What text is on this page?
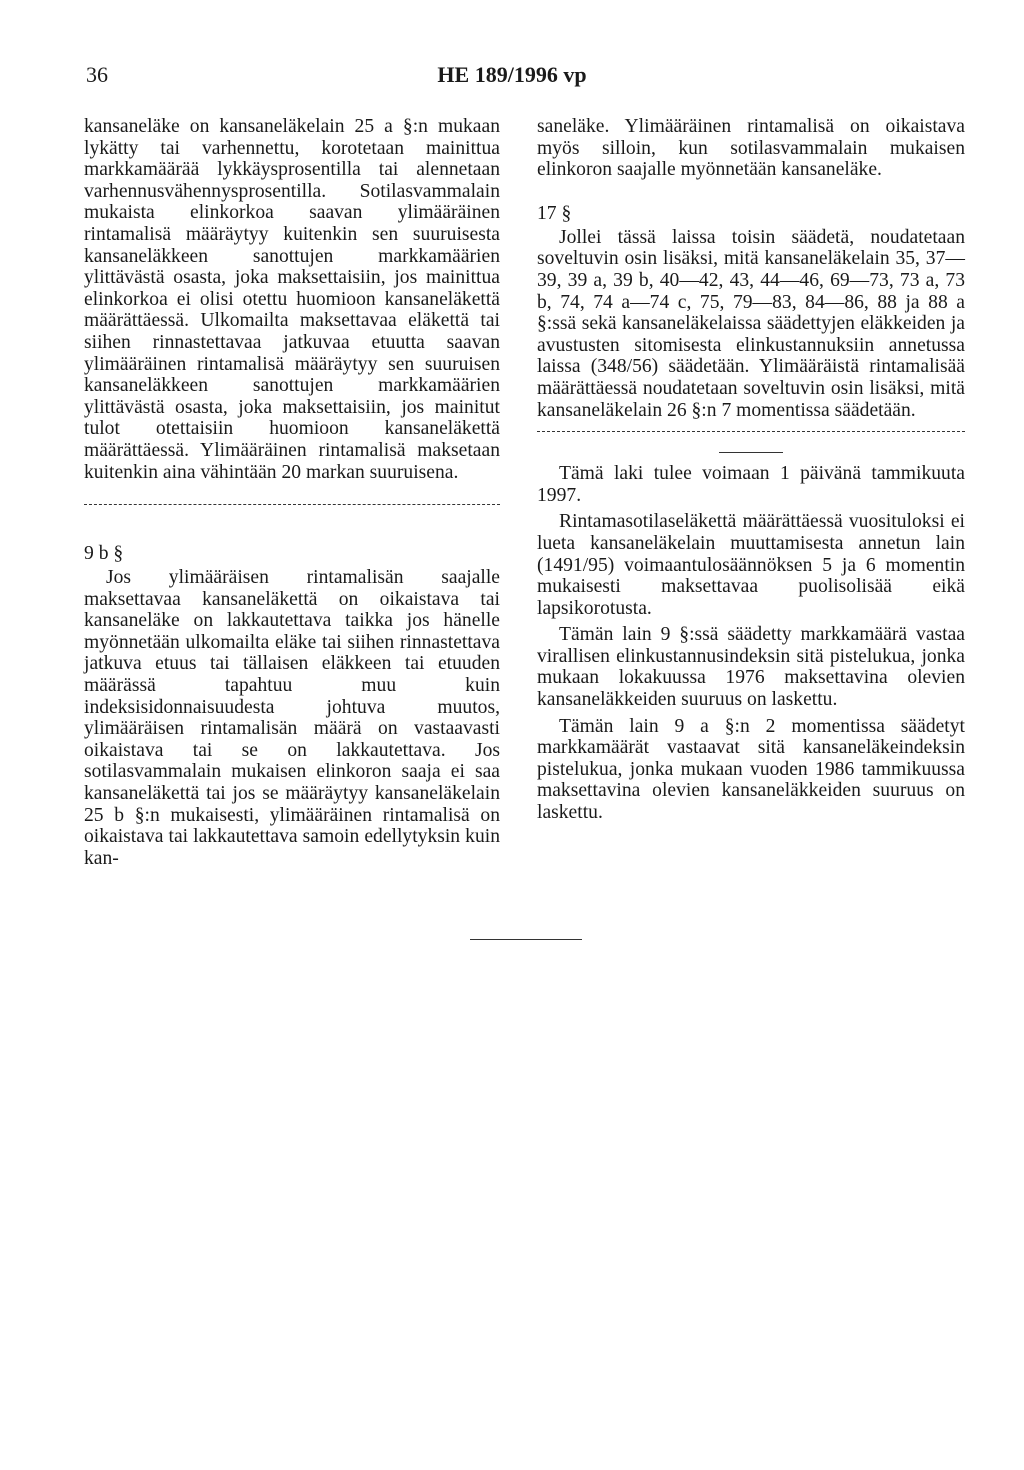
36	HE 189/1996 vp

kansaneläke on kansaneläkelain 25 a §:n mukaan lykätty tai varhennettu, korotetaan mainittua markkamäärää lykkäysprosentilla tai alennetaan varhennusvähennysprosentilla. Sotilasvammalain mukaista elinkorkoa saavan ylimääräinen rintamalisä määräytyy kuitenkin sen suuruisesta kansaneläkkeen sanottujen markkamäärien ylittävästä osasta, joka maksettaisiin, jos mainittua elinkorkoa ei olisi otettu huomioon kansaneläkettä määrättäessä. Ulkomailta maksettavaa eläkettä tai siihen rinnastettavaa jatkuvaa etuutta saavan ylimääräinen rintamalisä määräytyy sen suuruisen kansaneläkkeen sanottujen markkamäärien ylittävästä osasta, joka maksettaisiin, jos mainitut tulot otettaisiin huomioon kansaneläkettä määrättäessä. Ylimääräinen rintamalisä maksetaan kuitenkin aina vähintään 20 markan suuruisena.

9 b §

Jos ylimääräisen rintamalisän saajalle maksettavaa kansaneläkettä on oikaistava tai kansaneläke on lakkautettava taikka jos hänelle myönnetään ulkomailta eläke tai siihen rinnastettava jatkuva etuus tai tällaisen eläkkeen tai etuuden määrässä tapahtuu muu kuin indeksisidonnaisuudesta johtuva muutos, ylimääräisen rintamalisän määrä on vastaavasti oikaistava tai se on lakkautettava. Jos sotilasvammalain mukaisen elinkoron saaja ei saa kansaneläkettä tai jos se määräytyy kansaneläkelain 25 b §:n mukaisesti, ylimääräinen rintamalisä on oikaistava tai lakkautettava samoin edellytyksin kuin kan-

saneläke. Ylimääräinen rintamalisä on oikaistava myös silloin, kun sotilasvammalain mukaisen elinkoron saajalle myönnetään kansaneläke.

17 §

Jollei tässä laissa toisin säädetä, noudatetaan soveltuvin osin lisäksi, mitä kansaneläkelain 35, 37—39, 39 a, 39 b, 40—42, 43, 44—46, 69—73, 73 a, 73 b, 74, 74 a—74 c, 75, 79—83, 84—86, 88 ja 88 a §:ssä sekä kansaneläkelaissa säädettyjen eläkkeiden ja avustusten sitomisesta elinkustannuksiin annetussa laissa (348/56) säädetään. Ylimääräistä rintamalisää määrättäessä noudatetaan soveltuvin osin lisäksi, mitä kansaneläkelain 26 §:n 7 momentissa säädetään.

Tämä laki tulee voimaan 1 päivänä tammikuuta 1997.

Rintamasotilaseläkettä määrättäessä vuosituloksi ei lueta kansaneläkelain muuttamisesta annetun lain (1491/95) voimaantulosäännöksen 5 ja 6 momentin mukaisesti maksettavaa puolisolisää eikä lapsikorotusta.

Tämän lain 9 §:ssä säädetty markkamäärä vastaa virallisen elinkustannusindeksin sitä pistelukua, jonka mukaan lokakuussa 1976 maksettavina olevien kansaneläkkeiden suuruus on laskettu.

Tämän lain 9 a §:n 2 momentissa säädetyt markkamäärät vastaavat sitä kansaneläkeindeksin pistelukua, jonka mukaan vuoden 1986 tammikuussa maksettavina olevien kansaneläkkeiden suuruus on laskettu.
